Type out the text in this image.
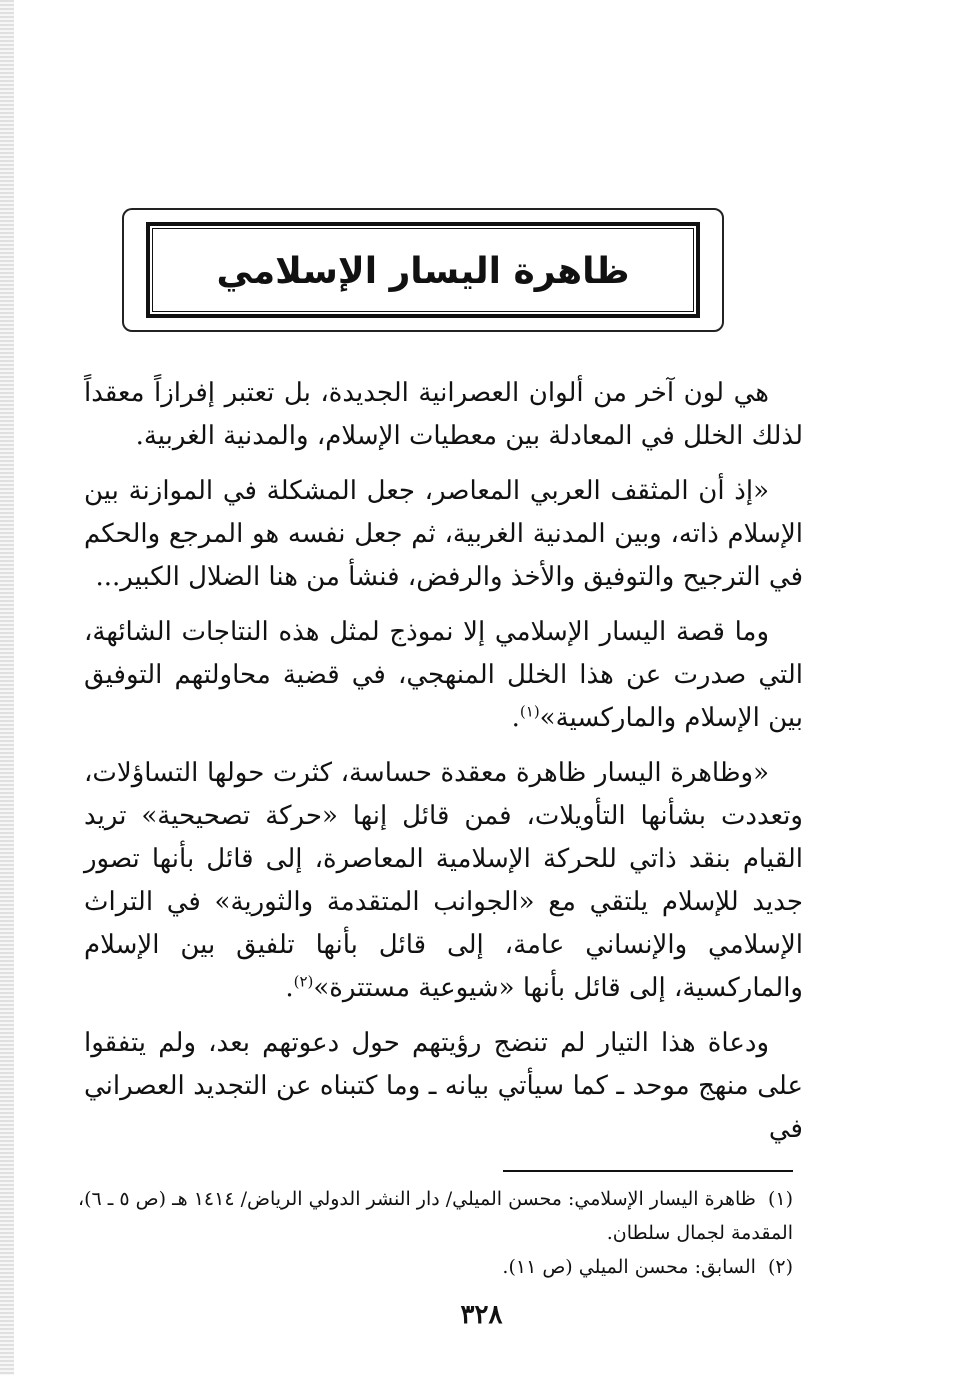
ظاهرة اليسار الإسلامي

هي لون آخر من ألوان العصرانية الجديدة، بل تعتبر إفرازاً معقداً لذلك الخلل في المعادلة بين معطيات الإسلام، والمدنية الغربية.

«إذ أن المثقف العربي المعاصر، جعل المشكلة في الموازنة بين الإسلام ذاته، وبين المدنية الغربية، ثم جعل نفسه هو المرجع والحكم في الترجيح والتوفيق والأخذ والرفض، فنشأ من هنا الضلال الكبير...

وما قصة اليسار الإسلامي إلا نموذج لمثل هذه النتاجات الشائهة، التي صدرت عن هذا الخلل المنهجي، في قضية محاولتهم التوفيق بين الإسلام والماركسية»$^{(١)}$.

«وظاهرة اليسار ظاهرة معقدة حساسة، كثرت حولها التساؤلات، وتعددت بشأنها التأويلات، فمن قائل إنها «حركة تصحيحية» تريد القيام بنقد ذاتي للحركة الإسلامية المعاصرة، إلى قائل بأنها تصور جديد للإسلام يلتقي مع «الجوانب المتقدمة والثورية» في التراث الإسلامي والإنساني عامة، إلى قائل بأنها تلفيق بين الإسلام والماركسية، إلى قائل بأنها «شيوعية مستترة»$^{(٢)}$.

ودعاة هذا التيار لم تنضج رؤيتهم حول دعوتهم بعد، ولم يتفقوا على منهج موحد ـ كما سيأتي بيانه ـ وما كتبناه عن التجديد العصراني في

(١)ظاهرة اليسار الإسلامي: محسن الميلي/ دار النشر الدولي الرياض/ ١٤١٤ هـ (ص ٥ ـ ٦)، المقدمة لجمال سلطان.

(٢)السابق: محسن الميلي (ص ١١).

٣٢٨
